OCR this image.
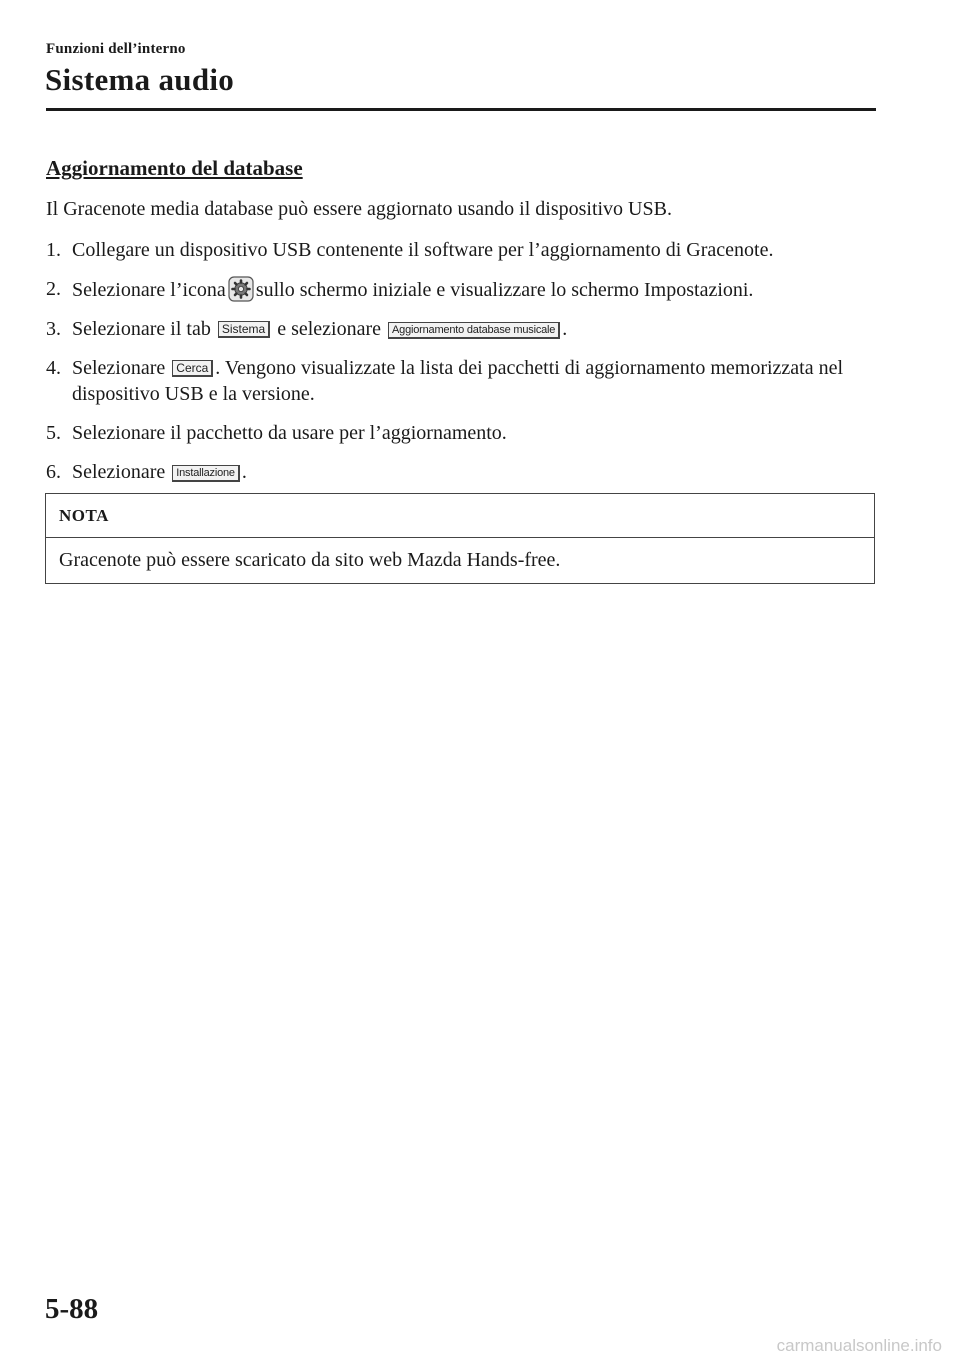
Funzioni dell’interno
Sistema audio
Aggiornamento del database

Il Gracenote media database può essere aggiornato usando il dispositivo USB.

1. Collegare un dispositivo USB contenente il software per l’aggiornamento di Gracenote.
2. Selezionare l’icona sullo schermo iniziale e visualizzare lo schermo Impostazioni.
3. Selezionare il tab Sistema e selezionare Aggiornamento database musicale .
4. Selezionare Cerca . Vengono visualizzate la lista dei pacchetti di aggiornamento memorizzata nel dispositivo USB e la versione.
5. Selezionare il pacchetto da usare per l’aggiornamento.
6. Selezionare Installazione .
NOTA
Gracenote può essere scaricato da sito web Mazda Hands-free.
5-88
carmanualsonline.info
